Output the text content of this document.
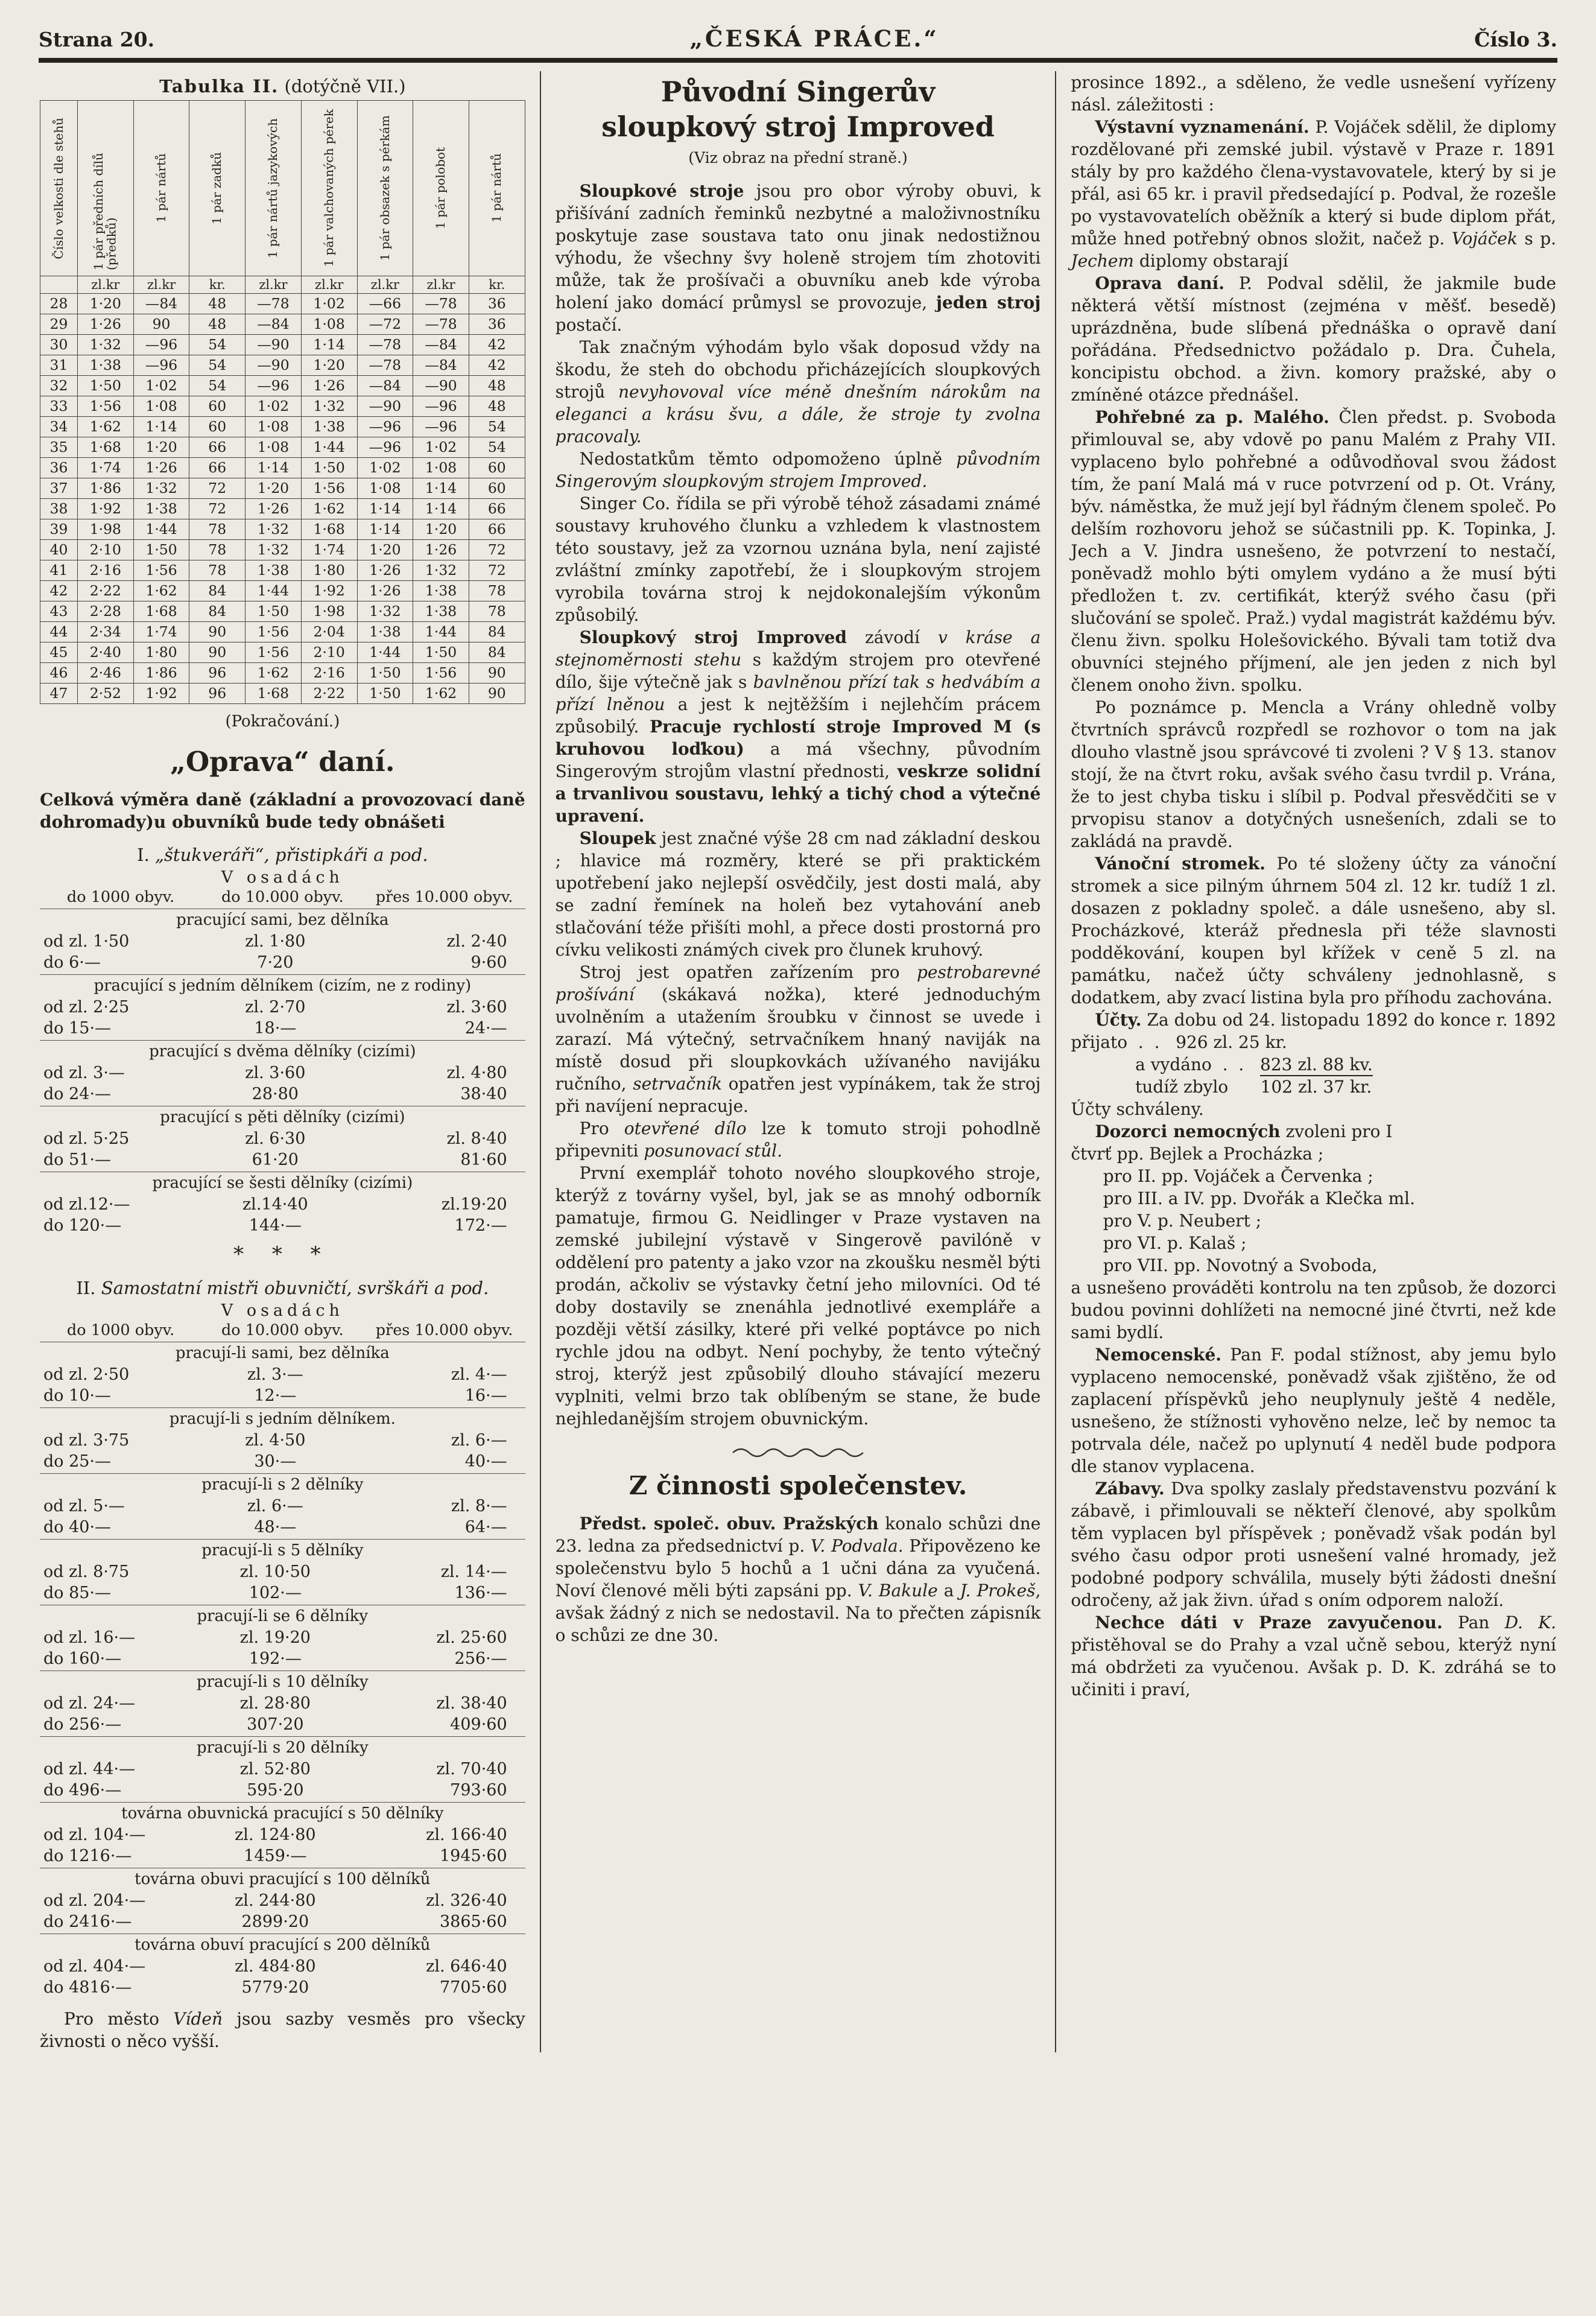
Strana 20.	„ČESKÁ PRÁCE.“	Číslo 3.
Tabulka II. (dotýčně VII.)
Číslo velkosti dle stehů	1 pár předních dílů (předků)	1 pár nártů	1 pár zadků	1 pár nártů jazykových	1 pár valchovaných pérek	1 pár obsazek s pérkám	1 pár polobot	1 pár nártů

	zl.kr	zl.kr	kr.	zl.kr	zl.kr	zl.kr	zl.kr	kr.
28	1·20	—84	48	—78	1·02	—66	—78	36
29	1·26	90	48	—84	1·08	—72	—78	36
30	1·32	—96	54	—90	1·14	—78	—84	42
31	1·38	—96	54	—90	1·20	—78	—84	42
32	1·50	1·02	54	—96	1·26	—84	—90	48
33	1·56	1·08	60	1·02	1·32	—90	—96	48
34	1·62	1·14	60	1·08	1·38	—96	—96	54
35	1·68	1·20	66	1·08	1·44	—96	1·02	54
36	1·74	1·26	66	1·14	1·50	1·02	1·08	60
37	1·86	1·32	72	1·20	1·56	1·08	1·14	60
38	1·92	1·38	72	1·26	1·62	1·14	1·14	66
39	1·98	1·44	78	1·32	1·68	1·14	1·20	66
40	2·10	1·50	78	1·32	1·74	1·20	1·26	72
41	2·16	1·56	78	1·38	1·80	1·26	1·32	72
42	2·22	1·62	84	1·44	1·92	1·26	1·38	78
43	2·28	1·68	84	1·50	1·98	1·32	1·38	78
44	2·34	1·74	90	1·56	2·04	1·38	1·44	84
45	2·40	1·80	90	1·56	2·10	1·44	1·50	84
46	2·46	1·86	96	1·62	2·16	1·50	1·56	90
47	2·52	1·92	96	1·68	2·22	1·50	1·62	90
(Pokračování.)
„Oprava“ daní.

Celková výměra daně (základní a provozovací daně dohromady)u obuvníků bude tedy obnášeti

I. „štukveráři“, přistipkáři a pod.
V osadách
do 1000 obyv.	do 10.000 obyv.	přes 10.000 obyv.
pracující sami, bez dělníka
od zl. 1·50	zl. 1·80	zl. 2·40
do 6·—	7·20	9·60
pracující s jedním dělníkem (cizím, ne z rodiny)
od zl. 2·25	zl. 2·70	zl. 3·60
do 15·—	18·—	24·—
pracující s dvěma dělníky (cizími)
od zl. 3·—	zl. 3·60	zl. 4·80
do 24·—	28·80	38·40
pracující s pěti dělníky (cizími)
od zl. 5·25	zl. 6·30	zl. 8·40
do 51·—	61·20	81·60
pracující se šesti dělníky (cizími)
od zl.12·—	zl.14·40	zl.19·20
do 120·—	144·—	172·—
* * *
II. Samostatní mistři obuvničtí, svrškáři a pod.
V osadách
do 1000 obyv.	do 10.000 obyv.	přes 10.000 obyv.
pracují-li sami, bez dělníka
od zl. 2·50	zl. 3·—	zl. 4·—
do 10·—	12·—	16·—
pracují-li s jedním dělníkem.
od zl. 3·75	zl. 4·50	zl. 6·—
do 25·—	30·—	40·—
pracují-li s 2 dělníky
od zl. 5·—	zl. 6·—	zl. 8·—
do 40·—	48·—	64·—
pracují-li s 5 dělníky
od zl. 8·75	zl. 10·50	zl. 14·—
do 85·—	102·—	136·—
pracují-li se 6 dělníky
od zl. 16·—	zl. 19·20	zl. 25·60
do 160·—	192·—	256·—
pracují-li s 10 dělníky
od zl. 24·—	zl. 28·80	zl. 38·40
do 256·—	307·20	409·60
pracují-li s 20 dělníky
od zl. 44·—	zl. 52·80	zl. 70·40
do 496·—	595·20	793·60
továrna obuvnická pracující s 50 dělníky
od zl. 104·—	zl. 124·80	zl. 166·40
do 1216·—	1459·—	1945·60
továrna obuvi pracující s 100 dělníků
od zl. 204·—	zl. 244·80	zl. 326·40
do 2416·—	2899·20	3865·60
továrna obuví pracující s 200 dělníků
od zl. 404·—	zl. 484·80	zl. 646·40
do 4816·—	5779·20	7705·60

Pro město Vídeň jsou sazby vesměs pro všecky živnosti o něco vyšší.

Původní Singerův sloupkový stroj Improved
(Viz obraz na přední straně.)

Sloupkové stroje jsou pro obor výroby obuvi, k přišívání zadních řeminků nezbytné a maloživnostníku poskytuje zase soustava tato onu jinak nedostižnou výhodu, že všechny švy holeně strojem tím zhotoviti může, tak že prošívači a obuvníku aneb kde výroba holení jako domácí průmysl se provozuje, jeden stroj postačí.

Tak značným výhodám bylo však doposud vždy na škodu, že steh do obchodu přicházejících sloupkových strojů nevyhovoval více méně dnešním nárokům na eleganci a krásu švu, a dále, že stroje ty zvolna pracovaly.

Nedostatkům těmto odpomoženo úplně původním Singerovým sloupkovým strojem Improved.

Singer Co. řídila se při výrobě téhož zásadami známé soustavy kruhového člunku a vzhledem k vlastnostem této soustavy, jež za vzornou uznána byla, není zajisté zvláštní zmínky zapotřebí, že i sloupkovým strojem vyrobila továrna stroj k nejdokonalejším výkonům způsobilý.

Sloupkový stroj Improved závodí v kráse a stejnoměrnosti stehu s každým strojem pro otevřené dílo, šije výtečně jak s bavlněnou přízí tak s hedvábím a přízí lněnou a jest k nejtěžším i nejlehčím prácem způsobilý. Pracuje rychlostí stroje Improved M (s kruhovou loďkou) a má všechny, původním Singerovým strojům vlastní přednosti, veskrze solidní a trvanlivou soustavu, lehký a tichý chod a výtečné upravení.

Sloupek jest značné výše 28 cm nad základní deskou ; hlavice má rozměry, které se při praktickém upotřebení jako nejlepší osvědčily, jest dosti malá, aby se zadní řemínek na holeň bez vytahování aneb stlačování téže přišíti mohl, a přece dosti prostorná pro cívku velikosti známých civek pro člunek kruhový.

Stroj jest opatřen zařízením pro pestrobarevné prošívání (skákavá nožka), které jednoduchým uvolněním a utažením šroubku v činnost se uvede i zarazí. Má výtečný, setrvačníkem hnaný naviják na místě dosud při sloupkovkách užívaného navijáku ručního, setrvačník opatřen jest vypínákem, tak že stroj při navíjení nepracuje.

Pro otevřené dílo lze k tomuto stroji pohodlně připevniti posunovací stůl.

První exemplář tohoto nového sloupkového stroje, kterýž z továrny vyšel, byl, jak se as mnohý odborník pamatuje, firmou G. Neidlinger v Praze vystaven na zemské jubilejní výstavě v Singerově pavilóně v oddělení pro patenty a jako vzor na zkoušku nesměl býti prodán, ačkoliv se výstavky četní jeho milovníci. Od té doby dostavily se znenáhla jednotlivé exempláře a později větší zásilky, které při velké poptávce po nich rychle jdou na odbyt. Není pochyby, že tento výtečný stroj, kterýž jest způsobilý dlouho stávající mezeru vyplniti, velmi brzo tak oblíbeným se stane, že bude nejhledanějším strojem obuvnickým.

Z činnosti společenstev.

Předst. společ. obuv. Pražských konalo schůzi dne 23. ledna za předsednictví p. V. Podvala. Připovězeno ke společenstvu bylo 5 hochů a 1 učni dána za vyučená. Noví členové měli býti zapsáni pp. V. Bakule a J. Prokeš, avšak žádný z nich se nedostavil. Na to přečten zápisník o schůzi ze dne 30.

prosince 1892., a sděleno, že vedle usnešení vyřízeny násl. záležitosti :

Výstavní vyznamenání. P. Vojáček sdělil, že diplomy rozdělované při zemské jubil. výstavě v Praze r. 1891 stály by pro každého člena-vystavovatele, který by si je přál, asi 65 kr. i pravil předsedající p. Podval, že rozešle po vystavovatelích oběžník a který si bude diplom přát, může hned potřebný obnos složit, načež p. Vojáček s p. Jechem diplomy obstarají

Oprava daní. P. Podval sdělil, že jakmile bude některá větší místnost (zejména v měšť. besedě) uprázdněna, bude slíbená přednáška o opravě daní pořádána. Předsednictvo požádalo p. Dra. Čuhela, koncipistu obchod. a živn. komory pražské, aby o zmíněné otázce přednášel.

Pohřebné za p. Malého. Člen předst. p. Svoboda přimlouval se, aby vdově po panu Malém z Prahy VII. vyplaceno bylo pohřebné a odůvodňoval svou žádost tím, že paní Malá má v ruce potvrzení od p. Ot. Vrány, býv. náměstka, že muž její byl řádným členem společ. Po delším rozhovoru jehož se súčastnili pp. K. Topinka, J. Jech a V. Jindra usnešeno, že potvrzení to nestačí, poněvadž mohlo býti omylem vydáno a že musí býti předložen t. zv. certifikát, kterýž svého času (při slučování se společ. Praž.) vydal magistrát každému býv. členu živn. spolku Holešovického. Bývali tam totiž dva obuvníci stejného příjmení, ale jen jeden z nich byl členem onoho živn. spolku.

Po poznámce p. Mencla a Vrány ohledně volby čtvrtních správců rozpředl se rozhovor o tom na jak dlouho vlastně jsou správcové ti zvoleni ? V § 13. stanov stojí, že na čtvrt roku, avšak svého času tvrdil p. Vrána, že to jest chyba tisku i slíbil p. Podval přesvědčiti se v prvopisu stanov a dotyčných usnešeních, zdali se to zakládá na pravdě.

Vánoční stromek. Po té složeny účty za vánoční stromek a sice pilným úhrnem 504 zl. 12 kr. tudíž 1 zl. dosazen z pokladny společ. a dále usnešeno, aby sl. Procházkové, kteráž přednesla při téže slavnosti podděkování, koupen byl křížek v ceně 5 zl. na památku, načež účty schváleny jednohlasně, s dodatkem, aby zvací listina byla pro příhodu zachována.

Účty. Za dobu od 24. listopadu 1892 do konce r. 1892 přijato  .  .   926 zl. 25 kr.
a vydáno  .  .   823 zl. 88 kv.
tudíž zbylo      102 zl. 37 kr.
Účty schváleny.

Dozorci nemocných zvoleni pro I
čtvrť pp. Bejlek a Procházka ;
pro II. pp. Vojáček a Červenka ;
pro III. a IV. pp. Dvořák a Klečka ml.
pro V. p. Neubert ;
pro VI. p. Kalaš ;
pro VII. pp. Novotný a Svoboda,
a usnešeno prováděti kontrolu na ten způsob, že dozorci budou povinni dohlížeti na nemocné jiné čtvrti, než kde sami bydlí.

Nemocenské. Pan F. podal stížnost, aby jemu bylo vyplaceno nemocenské, poněvadž však zjištěno, že od zaplacení příspěvků jeho neuplynuly ještě 4 neděle, usnešeno, že stížnosti vyhověno nelze, leč by nemoc ta potrvala déle, načež po uplynutí 4 neděl bude podpora dle stanov vyplacena.

Zábavy. Dva spolky zaslaly představenstvu pozvání k zábavě, i přimlouvali se někteří členové, aby spolkům těm vyplacen byl příspěvek ; poněvadž však podán byl svého času odpor proti usnešení valné hromady, jež podobné podpory schválila, musely býti žádosti dnešní odročeny, až jak živn. úřad s oním odporem naloží.

Nechce dáti v Praze zavyučenou. Pan D. K. přistěhoval se do Prahy a vzal učně sebou, kterýž nyní má obdržeti za vyučenou. Avšak p. D. K. zdráhá se to učiniti i praví,
